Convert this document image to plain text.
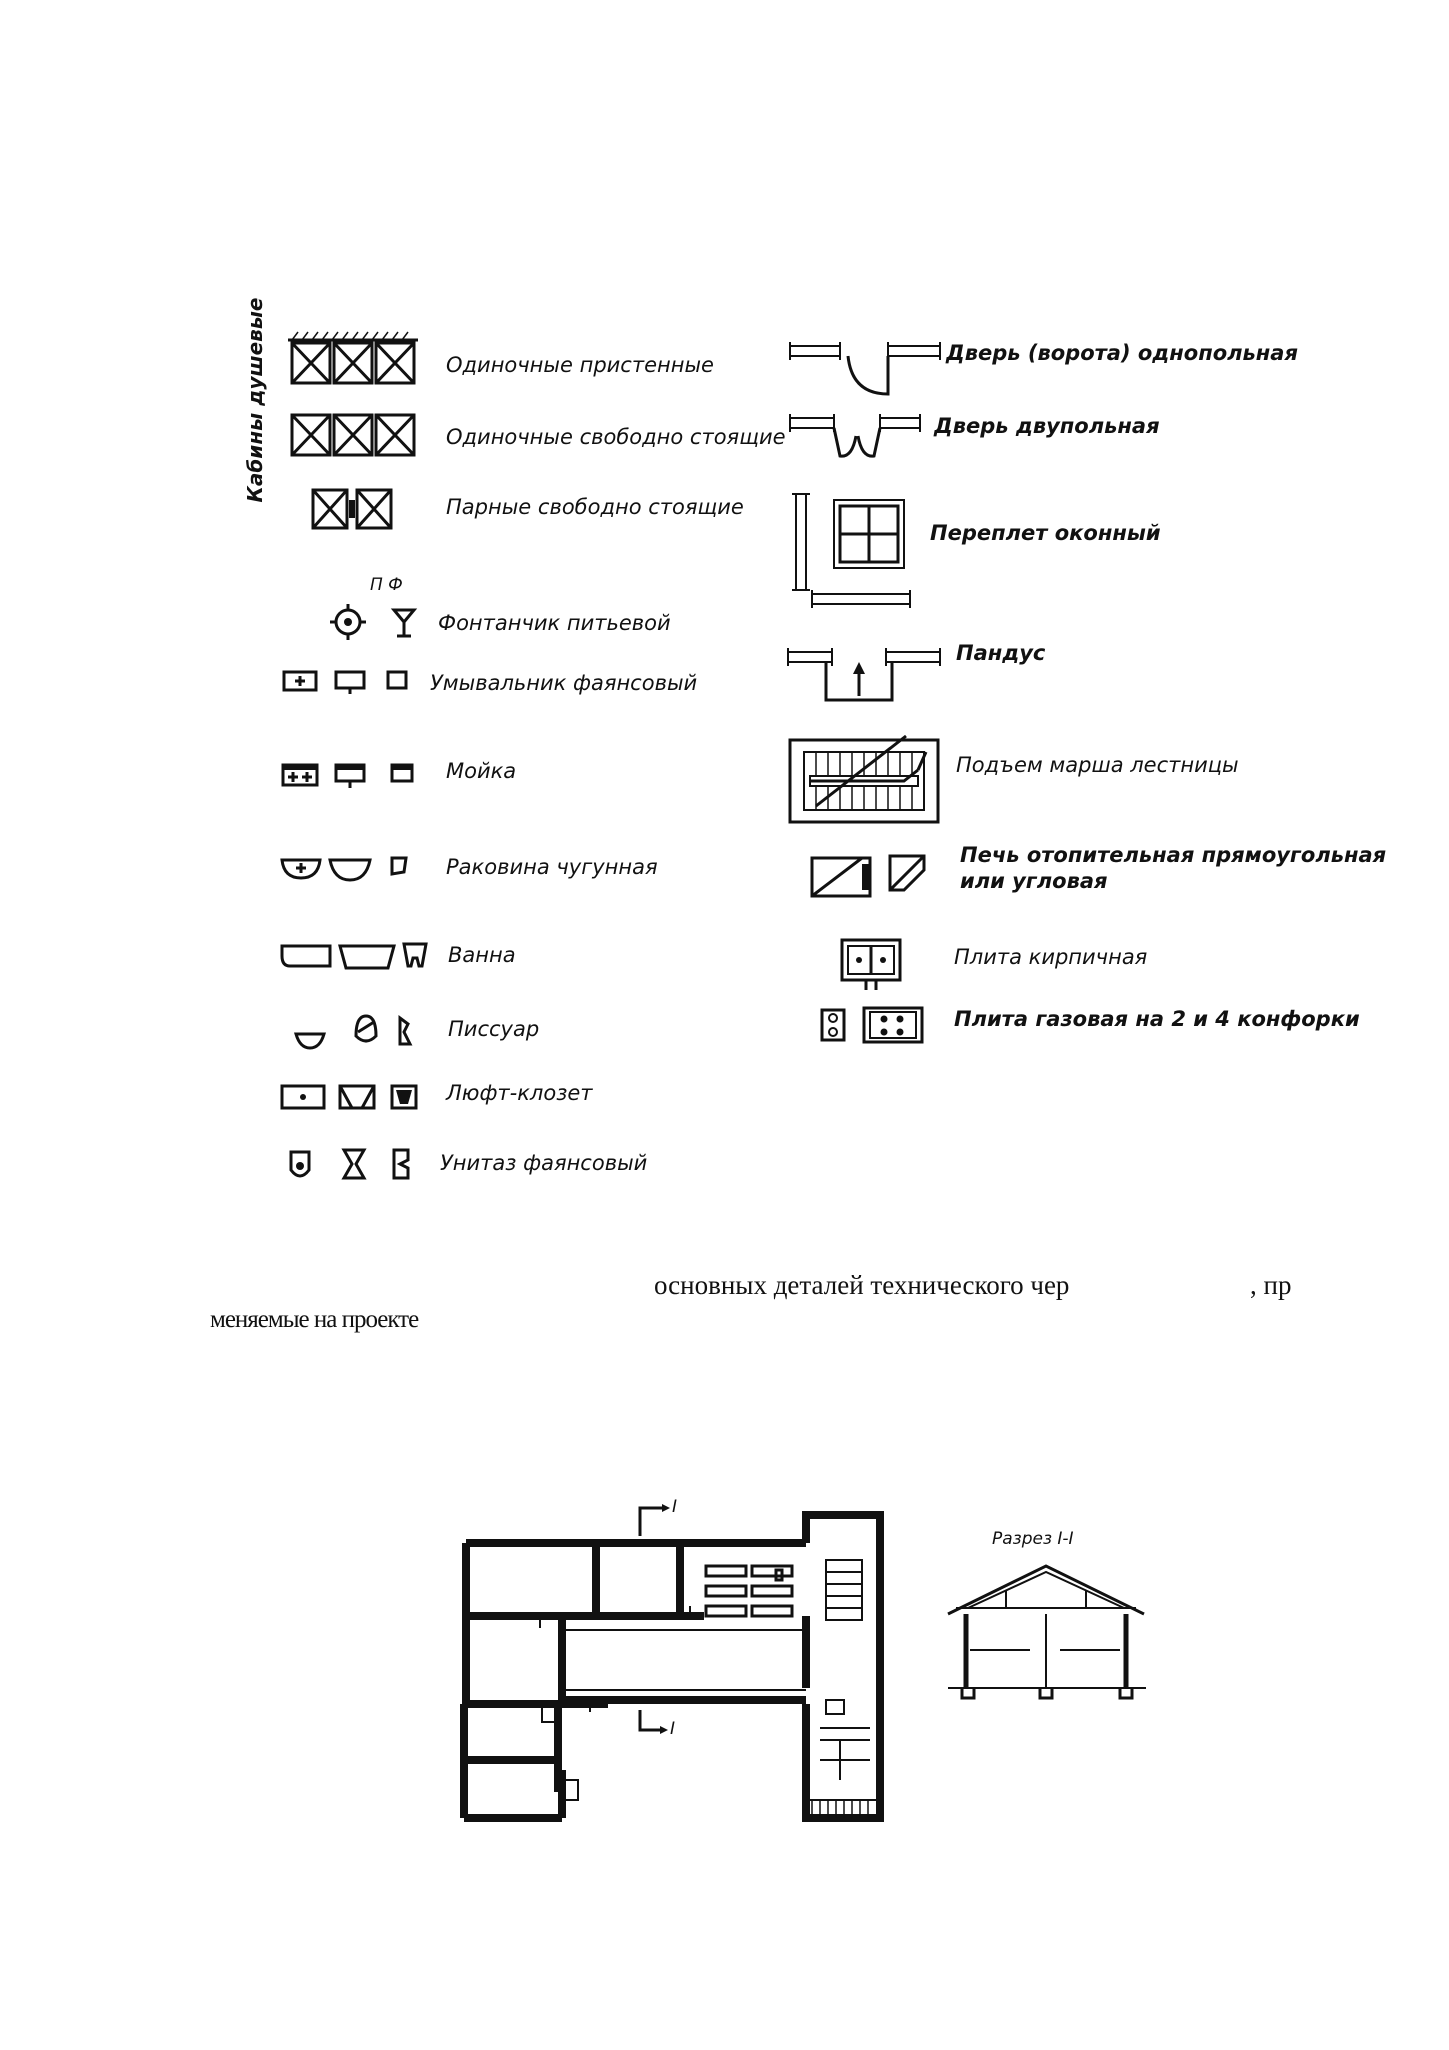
Кабины душевые	Одиночные пристенные
Одиночные свободно стоящие
Парные свободно стоящие
П Ф
Фонтанчик питьевой
Умывальник фаянсовый
Мойка
Раковина чугунная
Ванна
Писсуар
Люфт-клозет
Унитаз фаянсовый
Дверь (ворота) однопольная
Дверь двупольная
Переплет оконный
Пандус
Подъем марша лестницы
Печь отопительная прямоугольная
или угловая
Плита кирпичная
Плита газовая на 2 и 4 конфорки
I
I
Разрез I-I
основных деталей технического чер	, пр
меняемые на проекте
